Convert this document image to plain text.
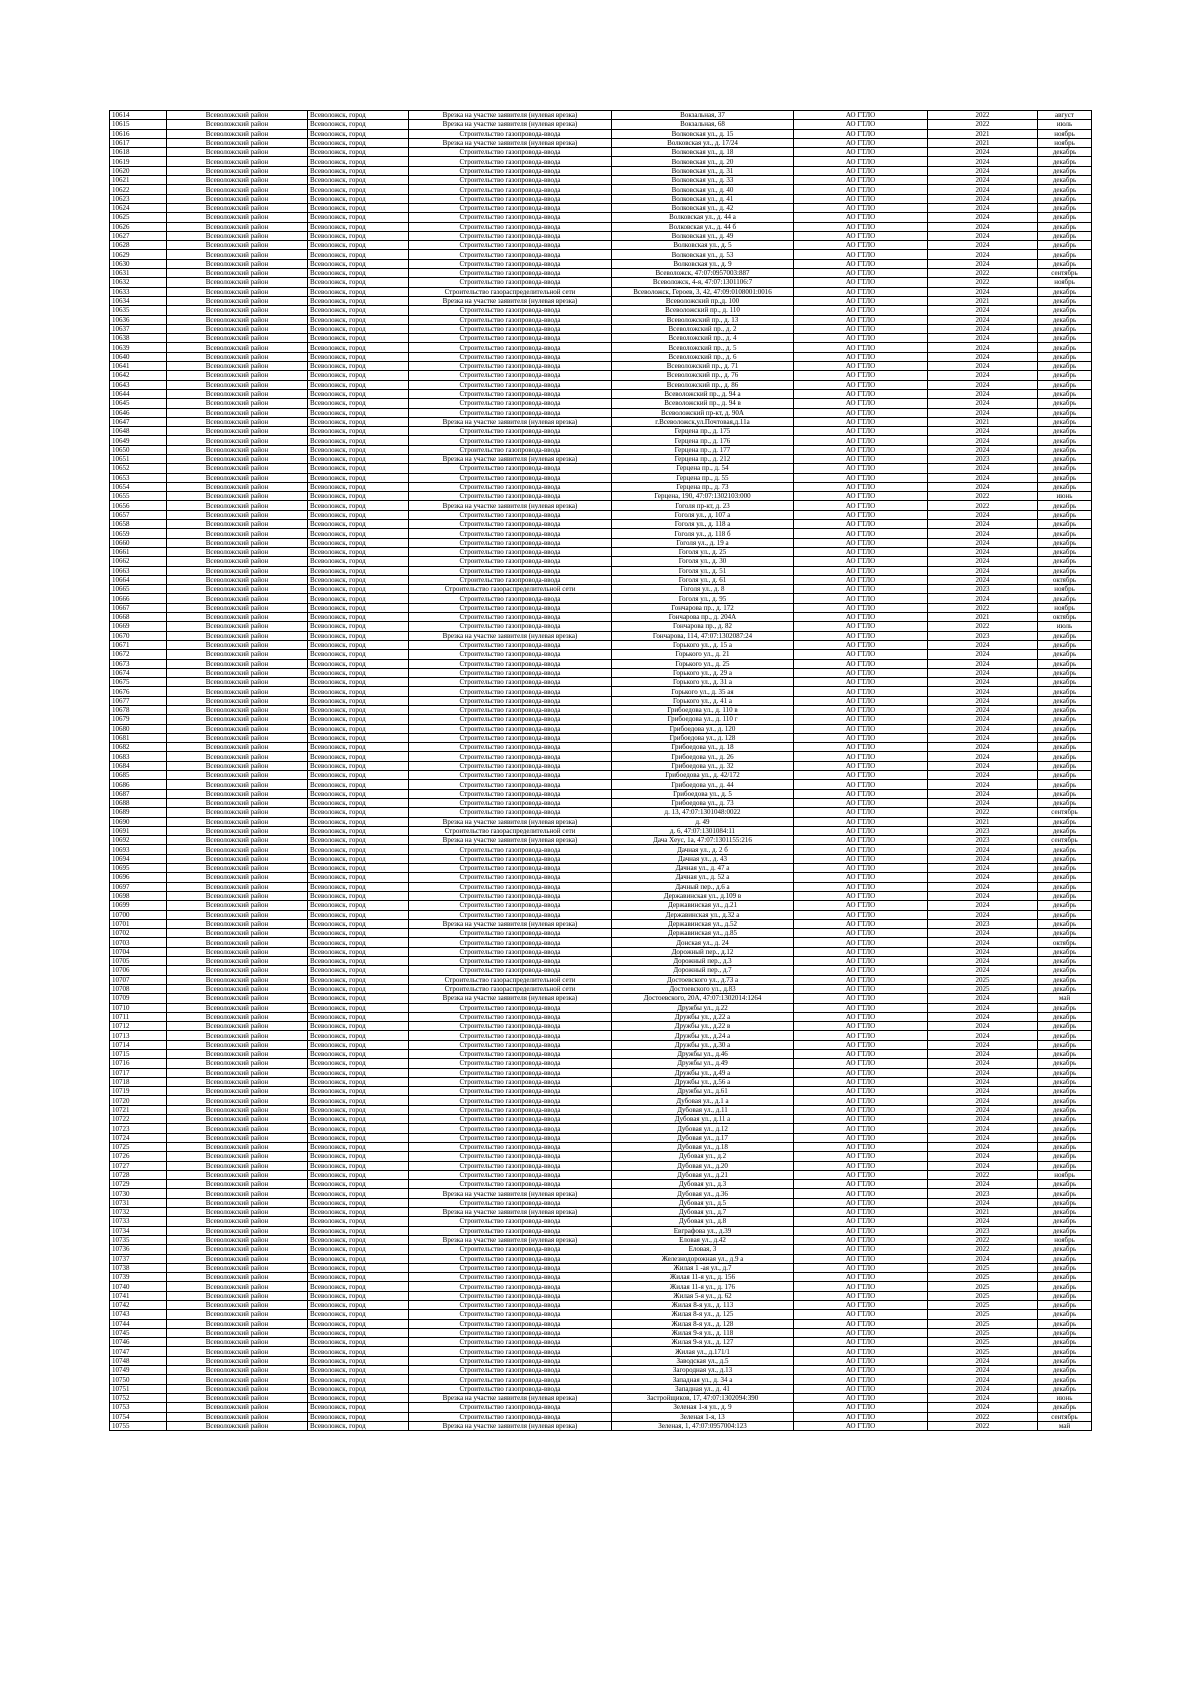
10614	Всеволожский район	Всеволожск, город	Врезка на участке заявителя (нулевая врезка)	Вокзальная, 37	АО ГТЛО	2022	август
10615	Всеволожский район	Всеволожск, город	Врезка на участке заявителя (нулевая врезка)	Вокзальная, 68	АО ГТЛО	2022	июль
10616	Всеволожский район	Всеволожск, город	Строительство газопровода-ввода	Волковская ул., д. 15	АО ГТЛО	2021	ноябрь
10617	Всеволожский район	Всеволожск, город	Врезка на участке заявителя (нулевая врезка)	Волковская ул., д. 17/24	АО ГТЛО	2021	ноябрь
10618	Всеволожский район	Всеволожск, город	Строительство газопровода-ввода	Волковская ул., д. 18	АО ГТЛО	2024	декабрь
10619	Всеволожский район	Всеволожск, город	Строительство газопровода-ввода	Волковская ул., д. 20	АО ГТЛО	2024	декабрь
10620	Всеволожский район	Всеволожск, город	Строительство газопровода-ввода	Волковская ул., д. 31	АО ГТЛО	2024	декабрь
10621	Всеволожский район	Всеволожск, город	Строительство газопровода-ввода	Волковская ул., д. 33	АО ГТЛО	2024	декабрь
10622	Всеволожский район	Всеволожск, город	Строительство газопровода-ввода	Волковская ул., д. 40	АО ГТЛО	2024	декабрь
10623	Всеволожский район	Всеволожск, город	Строительство газопровода-ввода	Волковская ул., д. 41	АО ГТЛО	2024	декабрь
10624	Всеволожский район	Всеволожск, город	Строительство газопровода-ввода	Волковская ул., д. 42	АО ГТЛО	2024	декабрь
10625	Всеволожский район	Всеволожск, город	Строительство газопровода-ввода	Волковская ул., д. 44 а	АО ГТЛО	2024	декабрь
10626	Всеволожский район	Всеволожск, город	Строительство газопровода-ввода	Волковская ул., д. 44 б	АО ГТЛО	2024	декабрь
10627	Всеволожский район	Всеволожск, город	Строительство газопровода-ввода	Волковская ул., д. 49	АО ГТЛО	2024	декабрь
10628	Всеволожский район	Всеволожск, город	Строительство газопровода-ввода	Волковская ул., д. 5	АО ГТЛО	2024	декабрь
10629	Всеволожский район	Всеволожск, город	Строительство газопровода-ввода	Волковская ул., д. 53	АО ГТЛО	2024	декабрь
10630	Всеволожский район	Всеволожск, город	Строительство газопровода-ввода	Волковская ул., д. 9	АО ГТЛО	2024	декабрь
10631	Всеволожский район	Всеволожск, город	Строительство газопровода-ввода	Всеволожск, 47:07:0957003:887	АО ГТЛО	2022	сентябрь
10632	Всеволожский район	Всеволожск, город	Строительство газопровода-ввода	Всеволожск, 4-я, 47:07:1301106:7	АО ГТЛО	2022	ноябрь
10633	Всеволожский район	Всеволожск, город	Строительство газораспределительной сети	Всеволожск, Героев, 3, 42, 47:09:0108001:0016	АО ГТЛО	2024	декабрь
10634	Всеволожский район	Всеволожск, город	Врезка на участке заявителя (нулевая врезка)	Всеволожский пр.,д. 100	АО ГТЛО	2021	декабрь
10635	Всеволожский район	Всеволожск, город	Строительство газопровода-ввода	Всеволожский пр., д. 110	АО ГТЛО	2024	декабрь
10636	Всеволожский район	Всеволожск, город	Строительство газопровода-ввода	Всеволожский пр., д. 13	АО ГТЛО	2024	декабрь
10637	Всеволожский район	Всеволожск, город	Строительство газопровода-ввода	Всеволожский пр., д. 2	АО ГТЛО	2024	декабрь
10638	Всеволожский район	Всеволожск, город	Строительство газопровода-ввода	Всеволожский пр., д. 4	АО ГТЛО	2024	декабрь
10639	Всеволожский район	Всеволожск, город	Строительство газопровода-ввода	Всеволожский пр., д. 5	АО ГТЛО	2024	декабрь
10640	Всеволожский район	Всеволожск, город	Строительство газопровода-ввода	Всеволожский пр., д. 6	АО ГТЛО	2024	декабрь
10641	Всеволожский район	Всеволожск, город	Строительство газопровода-ввода	Всеволожский пр., д. 71	АО ГТЛО	2024	декабрь
10642	Всеволожский район	Всеволожск, город	Строительство газопровода-ввода	Всеволожский пр., д. 76	АО ГТЛО	2024	декабрь
10643	Всеволожский район	Всеволожск, город	Строительство газопровода-ввода	Всеволожский пр., д. 86	АО ГТЛО	2024	декабрь
10644	Всеволожский район	Всеволожск, город	Строительство газопровода-ввода	Всеволожский пр., д. 94 а	АО ГТЛО	2024	декабрь
10645	Всеволожский район	Всеволожск, город	Строительство газопровода-ввода	Всеволожский пр., д. 94 в	АО ГТЛО	2024	декабрь
10646	Всеволожский район	Всеволожск, город	Строительство газопровода-ввода	Всеволожский пр-кт, д. 90А	АО ГТЛО	2024	декабрь
10647	Всеволожский район	Всеволожск, город	Врезка на участке заявителя (нулевая врезка)	г.Всеволожск,ул.Почтовая,д.11а	АО ГТЛО	2021	декабрь
10648	Всеволожский район	Всеволожск, город	Строительство газопровода-ввода	Герцена пр., д. 175	АО ГТЛО	2024	декабрь
10649	Всеволожский район	Всеволожск, город	Строительство газопровода-ввода	Герцена пр., д. 176	АО ГТЛО	2024	декабрь
10650	Всеволожский район	Всеволожск, город	Строительство газопровода-ввода	Герцена пр., д. 177	АО ГТЛО	2024	декабрь
10651	Всеволожский район	Всеволожск, город	Врезка на участке заявителя (нулевая врезка)	Герцена пр., д. 212	АО ГТЛО	2023	декабрь
10652	Всеволожский район	Всеволожск, город	Строительство газопровода-ввода	Герцена пр., д. 54	АО ГТЛО	2024	декабрь
10653	Всеволожский район	Всеволожск, город	Строительство газопровода-ввода	Герцена пр., д. 55	АО ГТЛО	2024	декабрь
10654	Всеволожский район	Всеволожск, город	Строительство газопровода-ввода	Герцена пр., д. 73	АО ГТЛО	2024	декабрь
10655	Всеволожский район	Всеволожск, город	Строительство газопровода-ввода	Герцена, 190, 47:07:1302103:000	АО ГТЛО	2022	июнь
10656	Всеволожский район	Всеволожск, город	Врезка на участке заявителя (нулевая врезка)	Гоголя пр-кт, д. 23	АО ГТЛО	2022	декабрь
10657	Всеволожский район	Всеволожск, город	Строительство газопровода-ввода	Гоголя ул., д. 107 а	АО ГТЛО	2024	декабрь
10658	Всеволожский район	Всеволожск, город	Строительство газопровода-ввода	Гоголя ул., д. 118 а	АО ГТЛО	2024	декабрь
10659	Всеволожский район	Всеволожск, город	Строительство газопровода-ввода	Гоголя ул., д. 118 б	АО ГТЛО	2024	декабрь
10660	Всеволожский район	Всеволожск, город	Строительство газопровода-ввода	Гоголя ул., д. 19 а	АО ГТЛО	2024	декабрь
10661	Всеволожский район	Всеволожск, город	Строительство газопровода-ввода	Гоголя ул., д. 25	АО ГТЛО	2024	декабрь
10662	Всеволожский район	Всеволожск, город	Строительство газопровода-ввода	Гоголя ул., д. 30	АО ГТЛО	2024	декабрь
10663	Всеволожский район	Всеволожск, город	Строительство газопровода-ввода	Гоголя ул., д. 51	АО ГТЛО	2024	декабрь
10664	Всеволожский район	Всеволожск, город	Строительство газопровода-ввода	Гоголя ул., д. 61	АО ГТЛО	2024	октябрь
10665	Всеволожский район	Всеволожск, город	Строительство газораспределительной сети	Гоголя ул., д. 8	АО ГТЛО	2023	ноябрь
10666	Всеволожский район	Всеволожск, город	Строительство газопровода-ввода	Гоголя ул., д. 95	АО ГТЛО	2024	декабрь
10667	Всеволожский район	Всеволожск, город	Строительство газопровода-ввода	Гончарова пр., д. 172	АО ГТЛО	2022	ноябрь
10668	Всеволожский район	Всеволожск, город	Строительство газопровода-ввода	Гончарова пр., д. 204А	АО ГТЛО	2021	октябрь
10669	Всеволожский район	Всеволожск, город	Строительство газопровода-ввода	Гончарова пр., д. 82	АО ГТЛО	2022	июль
10670	Всеволожский район	Всеволожск, город	Врезка на участке заявителя (нулевая врезка)	Гончарова, 114, 47:07:1302087:24	АО ГТЛО	2023	декабрь
10671	Всеволожский район	Всеволожск, город	Строительство газопровода-ввода	Горького ул., д. 15 а	АО ГТЛО	2024	декабрь
10672	Всеволожский район	Всеволожск, город	Строительство газопровода-ввода	Горького ул., д. 21	АО ГТЛО	2024	декабрь
10673	Всеволожский район	Всеволожск, город	Строительство газопровода-ввода	Горького ул., д. 25	АО ГТЛО	2024	декабрь
10674	Всеволожский район	Всеволожск, город	Строительство газопровода-ввода	Горького ул., д. 29 а	АО ГТЛО	2024	декабрь
10675	Всеволожский район	Всеволожск, город	Строительство газопровода-ввода	Горького ул., д. 31 а	АО ГТЛО	2024	декабрь
10676	Всеволожский район	Всеволожск, город	Строительство газопровода-ввода	Горького ул., д. 35 ая	АО ГТЛО	2024	декабрь
10677	Всеволожский район	Всеволожск, город	Строительство газопровода-ввода	Горького ул., д. 41 а	АО ГТЛО	2024	декабрь
10678	Всеволожский район	Всеволожск, город	Строительство газопровода-ввода	Грибоедова ул., д. 110 в	АО ГТЛО	2024	декабрь
10679	Всеволожский район	Всеволожск, город	Строительство газопровода-ввода	Грибоедова ул., д. 110 г	АО ГТЛО	2024	декабрь
10680	Всеволожский район	Всеволожск, город	Строительство газопровода-ввода	Грибоедова ул., д. 120	АО ГТЛО	2024	декабрь
10681	Всеволожский район	Всеволожск, город	Строительство газопровода-ввода	Грибоедова ул., д. 128	АО ГТЛО	2024	декабрь
10682	Всеволожский район	Всеволожск, город	Строительство газопровода-ввода	Грибоедова ул., д. 18	АО ГТЛО	2024	декабрь
10683	Всеволожский район	Всеволожск, город	Строительство газопровода-ввода	Грибоедова ул., д. 26	АО ГТЛО	2024	декабрь
10684	Всеволожский район	Всеволожск, город	Строительство газопровода-ввода	Грибоедова ул., д. 32	АО ГТЛО	2024	декабрь
10685	Всеволожский район	Всеволожск, город	Строительство газопровода-ввода	Грибоедова ул., д. 42/172	АО ГТЛО	2024	декабрь
10686	Всеволожский район	Всеволожск, город	Строительство газопровода-ввода	Грибоедова ул., д. 44	АО ГТЛО	2024	декабрь
10687	Всеволожский район	Всеволожск, город	Строительство газопровода-ввода	Грибоедова ул., д. 5	АО ГТЛО	2024	декабрь
10688	Всеволожский район	Всеволожск, город	Строительство газопровода-ввода	Грибоедова ул., д. 73	АО ГТЛО	2024	декабрь
10689	Всеволожский район	Всеволожск, город	Строительство газопровода-ввода	д. 13, 47:07:1301048:0022	АО ГТЛО	2022	сентябрь
10690	Всеволожский район	Всеволожск, город	Врезка на участке заявителя (нулевая врезка)	д. 49	АО ГТЛО	2021	декабрь
10691	Всеволожский район	Всеволожск, город	Строительство газораспределительной сети	д. 6, 47:07:1301084:11	АО ГТЛО	2023	декабрь
10692	Всеволожский район	Всеволожск, город	Врезка на участке заявителя (нулевая врезка)	Дача Хеус, 1а, 47:07:1301155:216	АО ГТЛО	2023	сентябрь
10693	Всеволожский район	Всеволожск, город	Строительство газопровода-ввода	Дачная ул., д. 2 б	АО ГТЛО	2024	декабрь
10694	Всеволожский район	Всеволожск, город	Строительство газопровода-ввода	Дачная ул., д. 43	АО ГТЛО	2024	декабрь
10695	Всеволожский район	Всеволожск, город	Строительство газопровода-ввода	Дачная ул., д. 47 а	АО ГТЛО	2024	декабрь
10696	Всеволожский район	Всеволожск, город	Строительство газопровода-ввода	Дачная ул., д. 52 а	АО ГТЛО	2024	декабрь
10697	Всеволожский район	Всеволожск, город	Строительство газопровода-ввода	Дачный пер., д.6 а	АО ГТЛО	2024	декабрь
10698	Всеволожский район	Всеволожск, город	Строительство газопровода-ввода	Державинская ул., д.109 в	АО ГТЛО	2024	декабрь
10699	Всеволожский район	Всеволожск, город	Строительство газопровода-ввода	Державинская ул., д.21	АО ГТЛО	2024	декабрь
10700	Всеволожский район	Всеволожск, город	Строительство газопровода-ввода	Державинская ул., д.32 а	АО ГТЛО	2024	декабрь
10701	Всеволожский район	Всеволожск, город	Врезка на участке заявителя (нулевая врезка)	Державинская ул., д.52	АО ГТЛО	2023	декабрь
10702	Всеволожский район	Всеволожск, город	Строительство газопровода-ввода	Державинская ул., д.85	АО ГТЛО	2024	декабрь
10703	Всеволожский район	Всеволожск, город	Строительство газопровода-ввода	Донская ул., д. 24	АО ГТЛО	2024	октябрь
10704	Всеволожский район	Всеволожск, город	Строительство газопровода-ввода	Дорожный пер., д.12	АО ГТЛО	2024	декабрь
10705	Всеволожский район	Всеволожск, город	Строительство газопровода-ввода	Дорожный пер., д.3	АО ГТЛО	2024	декабрь
10706	Всеволожский район	Всеволожск, город	Строительство газопровода-ввода	Дорожный пер., д.7	АО ГТЛО	2024	декабрь
10707	Всеволожский район	Всеволожск, город	Строительство газораспределительной сети	Достоевского ул., д.73 а	АО ГТЛО	2025	декабрь
10708	Всеволожский район	Всеволожск, город	Строительство газораспределительной сети	Достоевского ул., д.83	АО ГТЛО	2025	декабрь
10709	Всеволожский район	Всеволожск, город	Врезка на участке заявителя (нулевая врезка)	Достоевского, 20А, 47:07:1302014:1264	АО ГТЛО	2024	май
10710	Всеволожский район	Всеволожск, город	Строительство газопровода-ввода	Дружбы ул., д.22	АО ГТЛО	2024	декабрь
10711	Всеволожский район	Всеволожск, город	Строительство газопровода-ввода	Дружбы ул., д.22 а	АО ГТЛО	2024	декабрь
10712	Всеволожский район	Всеволожск, город	Строительство газопровода-ввода	Дружбы ул., д.22 в	АО ГТЛО	2024	декабрь
10713	Всеволожский район	Всеволожск, город	Строительство газопровода-ввода	Дружбы ул., д.24 а	АО ГТЛО	2024	декабрь
10714	Всеволожский район	Всеволожск, город	Строительство газопровода-ввода	Дружбы ул., д.30 а	АО ГТЛО	2024	декабрь
10715	Всеволожский район	Всеволожск, город	Строительство газопровода-ввода	Дружбы ул., д.46	АО ГТЛО	2024	декабрь
10716	Всеволожский район	Всеволожск, город	Строительство газопровода-ввода	Дружбы ул., д.49	АО ГТЛО	2024	декабрь
10717	Всеволожский район	Всеволожск, город	Строительство газопровода-ввода	Дружбы ул., д.49 а	АО ГТЛО	2024	декабрь
10718	Всеволожский район	Всеволожск, город	Строительство газопровода-ввода	Дружбы ул., д.56 а	АО ГТЛО	2024	декабрь
10719	Всеволожский район	Всеволожск, город	Строительство газопровода-ввода	Дружбы ул., д.61	АО ГТЛО	2024	декабрь
10720	Всеволожский район	Всеволожск, город	Строительство газопровода-ввода	Дубовая ул., д.1 а	АО ГТЛО	2024	декабрь
10721	Всеволожский район	Всеволожск, город	Строительство газопровода-ввода	Дубовая ул., д.11	АО ГТЛО	2024	декабрь
10722	Всеволожский район	Всеволожск, город	Строительство газопровода-ввода	Дубовая ул., д.11 а	АО ГТЛО	2024	декабрь
10723	Всеволожский район	Всеволожск, город	Строительство газопровода-ввода	Дубовая ул., д.12	АО ГТЛО	2024	декабрь
10724	Всеволожский район	Всеволожск, город	Строительство газопровода-ввода	Дубовая ул., д.17	АО ГТЛО	2024	декабрь
10725	Всеволожский район	Всеволожск, город	Строительство газопровода-ввода	Дубовая ул., д.18	АО ГТЛО	2024	декабрь
10726	Всеволожский район	Всеволожск, город	Строительство газопровода-ввода	Дубовая ул., д.2	АО ГТЛО	2024	декабрь
10727	Всеволожский район	Всеволожск, город	Строительство газопровода-ввода	Дубовая ул., д.20	АО ГТЛО	2024	декабрь
10728	Всеволожский район	Всеволожск, город	Строительство газопровода-ввода	Дубовая ул., д.21	АО ГТЛО	2022	ноябрь
10729	Всеволожский район	Всеволожск, город	Строительство газопровода-ввода	Дубовая ул., д.3	АО ГТЛО	2024	декабрь
10730	Всеволожский район	Всеволожск, город	Врезка на участке заявителя (нулевая врезка)	Дубовая ул., д.36	АО ГТЛО	2023	декабрь
10731	Всеволожский район	Всеволожск, город	Строительство газопровода-ввода	Дубовая ул., д.5	АО ГТЛО	2024	декабрь
10732	Всеволожский район	Всеволожск, город	Врезка на участке заявителя (нулевая врезка)	Дубовая ул., д.7	АО ГТЛО	2021	декабрь
10733	Всеволожский район	Всеволожск, город	Строительство газопровода-ввода	Дубовая ул., д.8	АО ГТЛО	2024	декабрь
10734	Всеволожский район	Всеволожск, город	Строительство газопровода-ввода	Евграфова ул., д.39	АО ГТЛО	2023	декабрь
10735	Всеволожский район	Всеволожск, город	Врезка на участке заявителя (нулевая врезка)	Еловая ул., д.42	АО ГТЛО	2022	ноябрь
10736	Всеволожский район	Всеволожск, город	Строительство газопровода-ввода	Еловая, 3	АО ГТЛО	2022	декабрь
10737	Всеволожский район	Всеволожск, город	Строительство газопровода-ввода	Железнодорожная ул., д.9 а	АО ГТЛО	2024	декабрь
10738	Всеволожский район	Всеволожск, город	Строительство газопровода-ввода	Жилая 1 -ая ул., д.7	АО ГТЛО	2025	декабрь
10739	Всеволожский район	Всеволожск, город	Строительство газопровода-ввода	Жилая 11-я ул., д. 156	АО ГТЛО	2025	декабрь
10740	Всеволожский район	Всеволожск, город	Строительство газопровода-ввода	Жилая 11-я ул., д. 176	АО ГТЛО	2025	декабрь
10741	Всеволожский район	Всеволожск, город	Строительство газопровода-ввода	Жилая 5-я ул., д. 62	АО ГТЛО	2025	декабрь
10742	Всеволожский район	Всеволожск, город	Строительство газопровода-ввода	Жилая 8-я ул., д. 113	АО ГТЛО	2025	декабрь
10743	Всеволожский район	Всеволожск, город	Строительство газопровода-ввода	Жилая 8-я ул., д. 125	АО ГТЛО	2025	декабрь
10744	Всеволожский район	Всеволожск, город	Строительство газопровода-ввода	Жилая 8-я ул., д. 128	АО ГТЛО	2025	декабрь
10745	Всеволожский район	Всеволожск, город	Строительство газопровода-ввода	Жилая 9-я ул., д. 118	АО ГТЛО	2025	декабрь
10746	Всеволожский район	Всеволожск, город	Строительство газопровода-ввода	Жилая 9-я ул., д. 127	АО ГТЛО	2025	декабрь
10747	Всеволожский район	Всеволожск, город	Строительство газопровода-ввода	Жилая ул., д.171/1	АО ГТЛО	2025	декабрь
10748	Всеволожский район	Всеволожск, город	Строительство газопровода-ввода	Заводская ул., д.5	АО ГТЛО	2024	декабрь
10749	Всеволожский район	Всеволожск, город	Строительство газопровода-ввода	Загородная ул., д.13	АО ГТЛО	2024	декабрь
10750	Всеволожский район	Всеволожск, город	Строительство газопровода-ввода	Западная ул., д. 34 а	АО ГТЛО	2024	декабрь
10751	Всеволожский район	Всеволожск, город	Строительство газопровода-ввода	Западная ул., д. 41	АО ГТЛО	2024	декабрь
10752	Всеволожский район	Всеволожск, город	Врезка на участке заявителя (нулевая врезка)	Застройщиков, 17, 47:07:1302094:390	АО ГТЛО	2024	июнь
10753	Всеволожский район	Всеволожск, город	Строительство газопровода-ввода	Зеленая 1-я ул., д. 9	АО ГТЛО	2024	декабрь
10754	Всеволожский район	Всеволожск, город	Строительство газопровода-ввода	Зеленая 1-я, 13	АО ГТЛО	2022	сентябрь
10755	Всеволожский район	Всеволожск, город	Врезка на участке заявителя (нулевая врезка)	Зеленая, 1, 47:07:0957004:123	АО ГТЛО	2022	май
